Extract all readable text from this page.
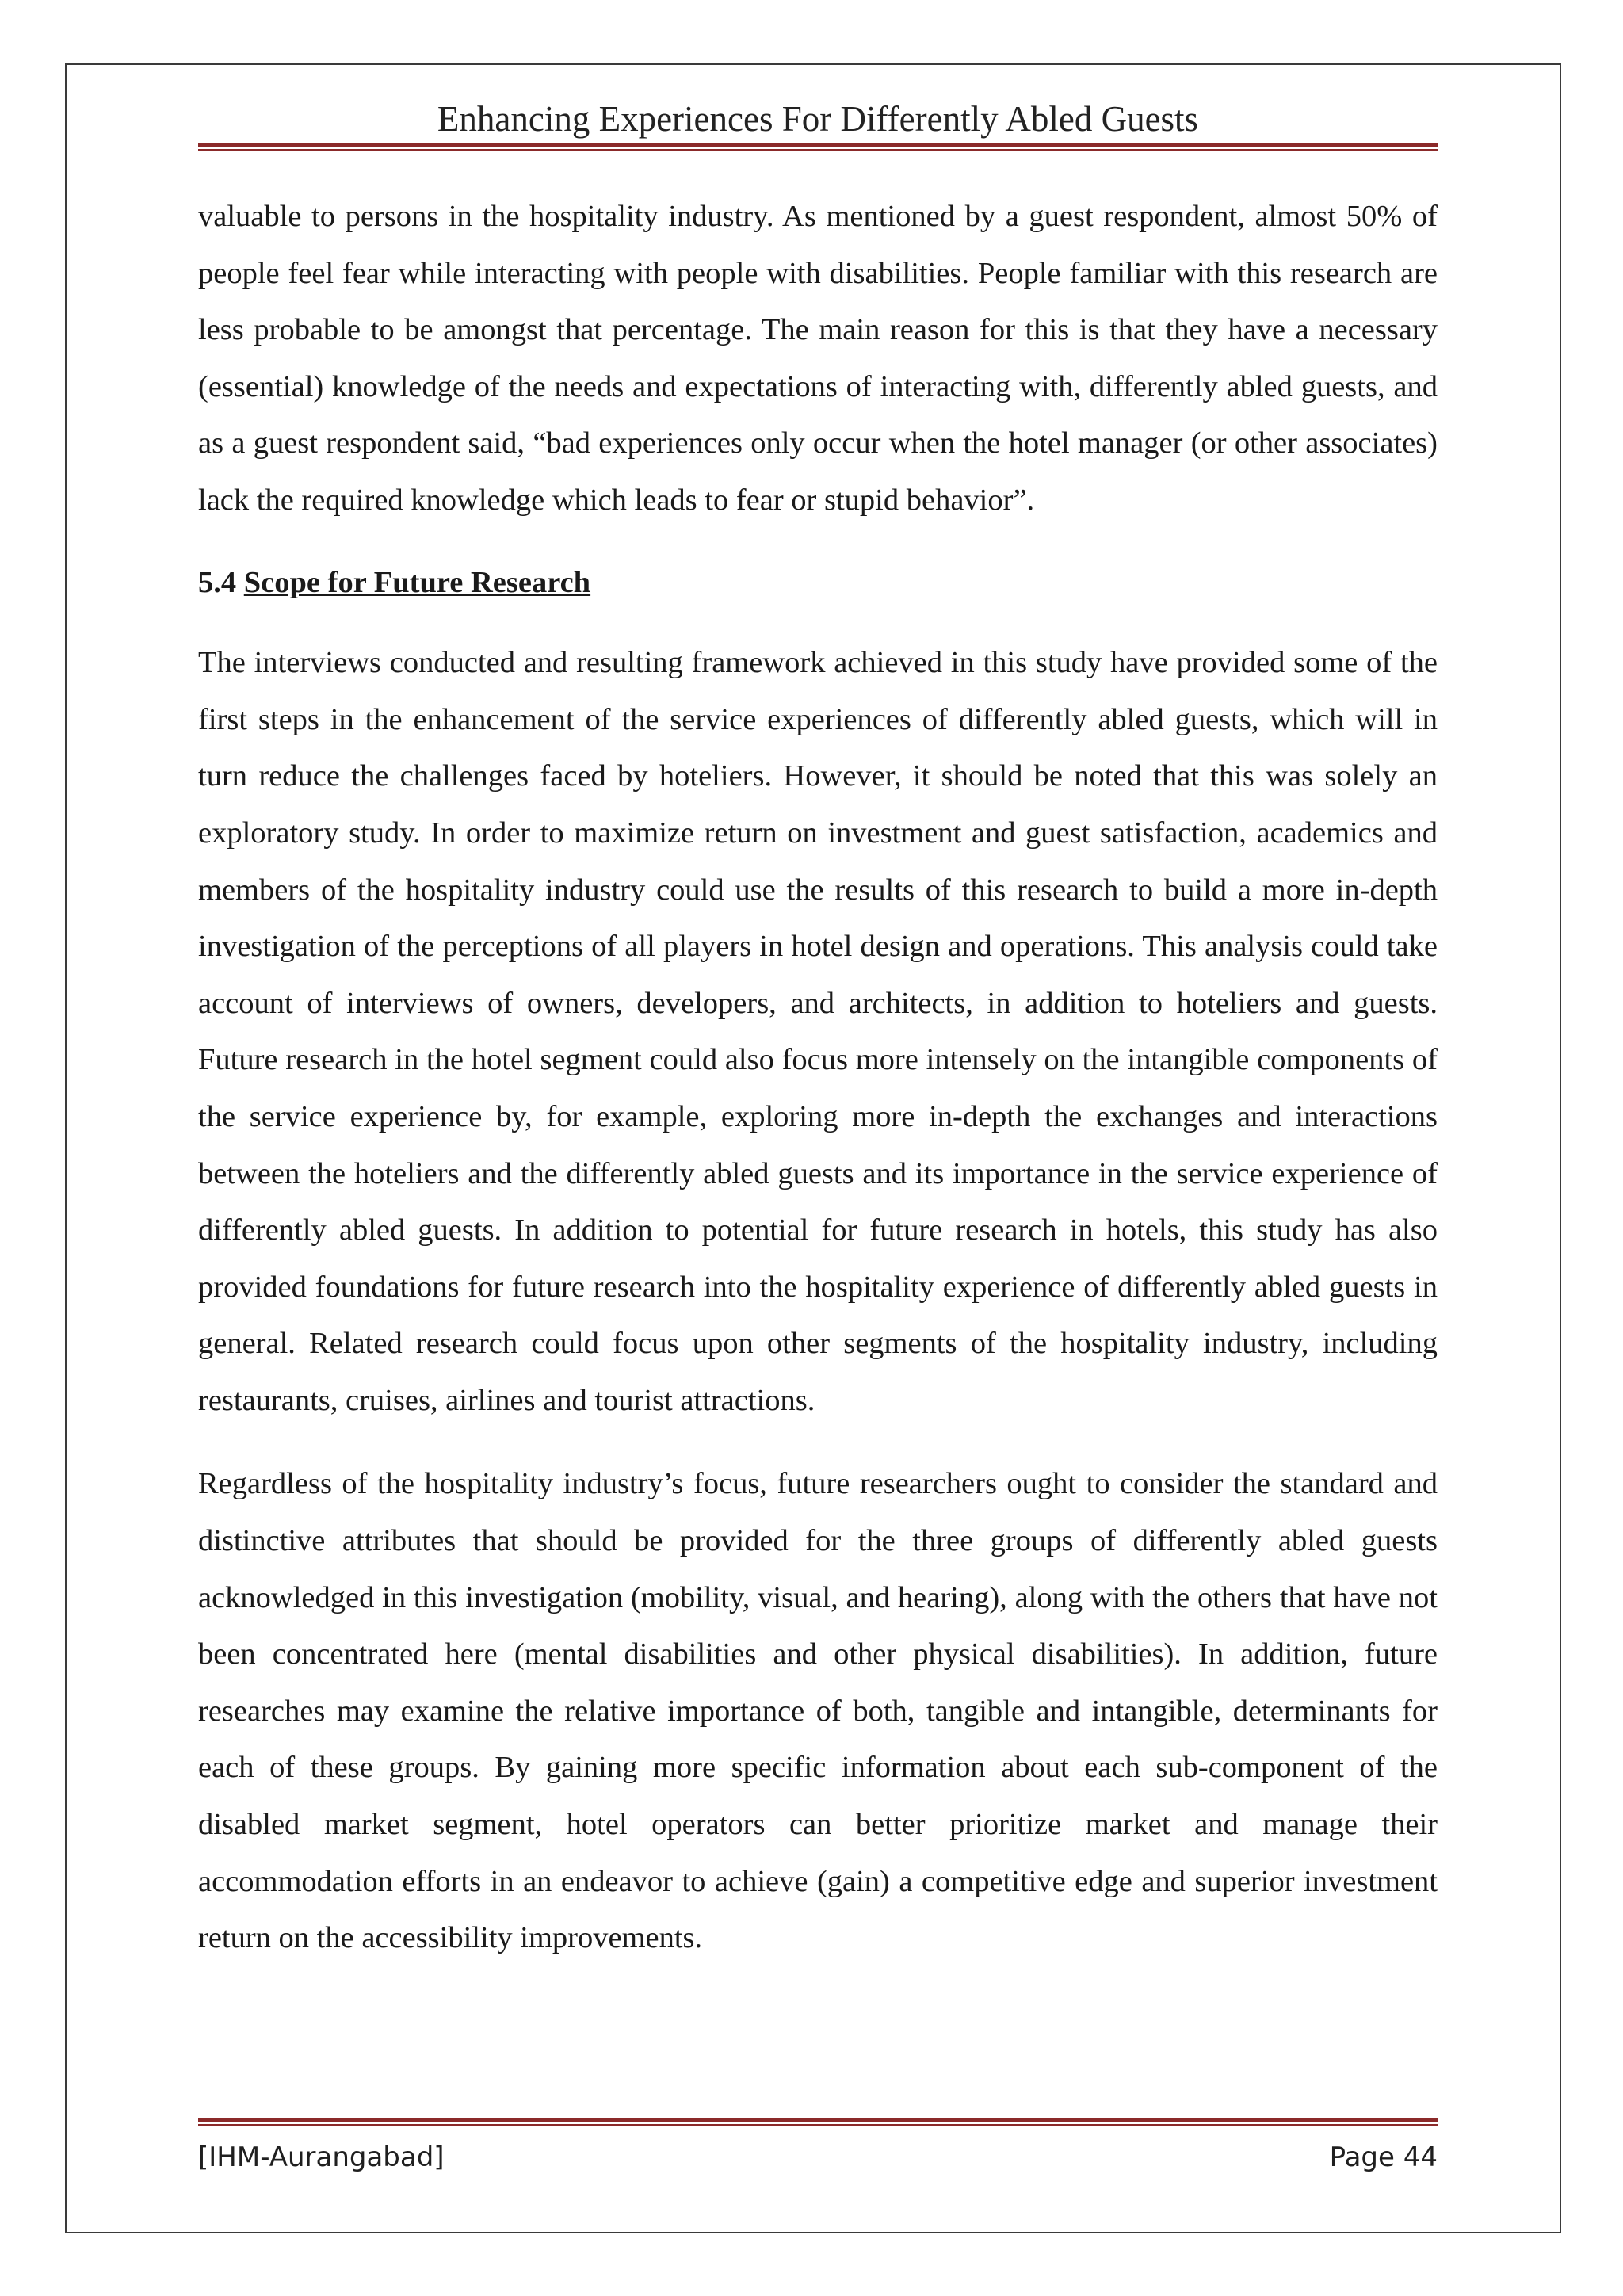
Enhancing Experiences For Differently Abled Guests

valuable to persons in the hospitality industry. As mentioned by a guest respondent, almost 50% of people feel fear while interacting with people with disabilities. People familiar with this research are less probable to be amongst that percentage. The main reason for this is that they have a necessary (essential) knowledge of the needs and expectations of interacting with, differently abled guests, and as a guest respondent said, “bad experiences only occur when the hotel manager (or other associates) lack the required knowledge which leads to fear or stupid behavior”.

5.4 Scope for Future Research

The interviews conducted and resulting framework achieved in this study have provided some of the first steps in the enhancement of the service experiences of differently abled guests, which will in turn reduce the challenges faced by hoteliers. However, it should be noted that this was solely an exploratory study. In order to maximize return on investment and guest satisfaction, academics and members of the hospitality industry could use the results of this research to build a more in-depth investigation of the perceptions of all players in hotel design and operations. This analysis could take account of interviews of owners, developers, and architects, in addition to hoteliers and guests. Future research in the hotel segment could also focus more intensely on the intangible components of the service experience by, for example, exploring more in-depth the exchanges and interactions between the hoteliers and the differently abled guests and its importance in the service experience of differently abled guests. In addition to potential for future research in hotels, this study has also provided foundations for future research into the hospitality experience of differently abled guests in general. Related research could focus upon other segments of the hospitality industry, including restaurants, cruises, airlines and tourist attractions.

Regardless of the hospitality industry’s focus, future researchers ought to consider the standard and distinctive attributes that should be provided for the three groups of differently abled guests acknowledged in this investigation (mobility, visual, and hearing), along with the others that have not been concentrated here (mental disabilities and other physical disabilities). In addition, future researches may examine the relative importance of both, tangible and intangible, determinants for each of these groups. By gaining more specific information about each sub-component of the disabled market segment, hotel operators can better prioritize market and manage their accommodation efforts in an endeavor to achieve (gain) a competitive edge and superior investment return on the accessibility improvements.

[IHM-Aurangabad]	Page 44
